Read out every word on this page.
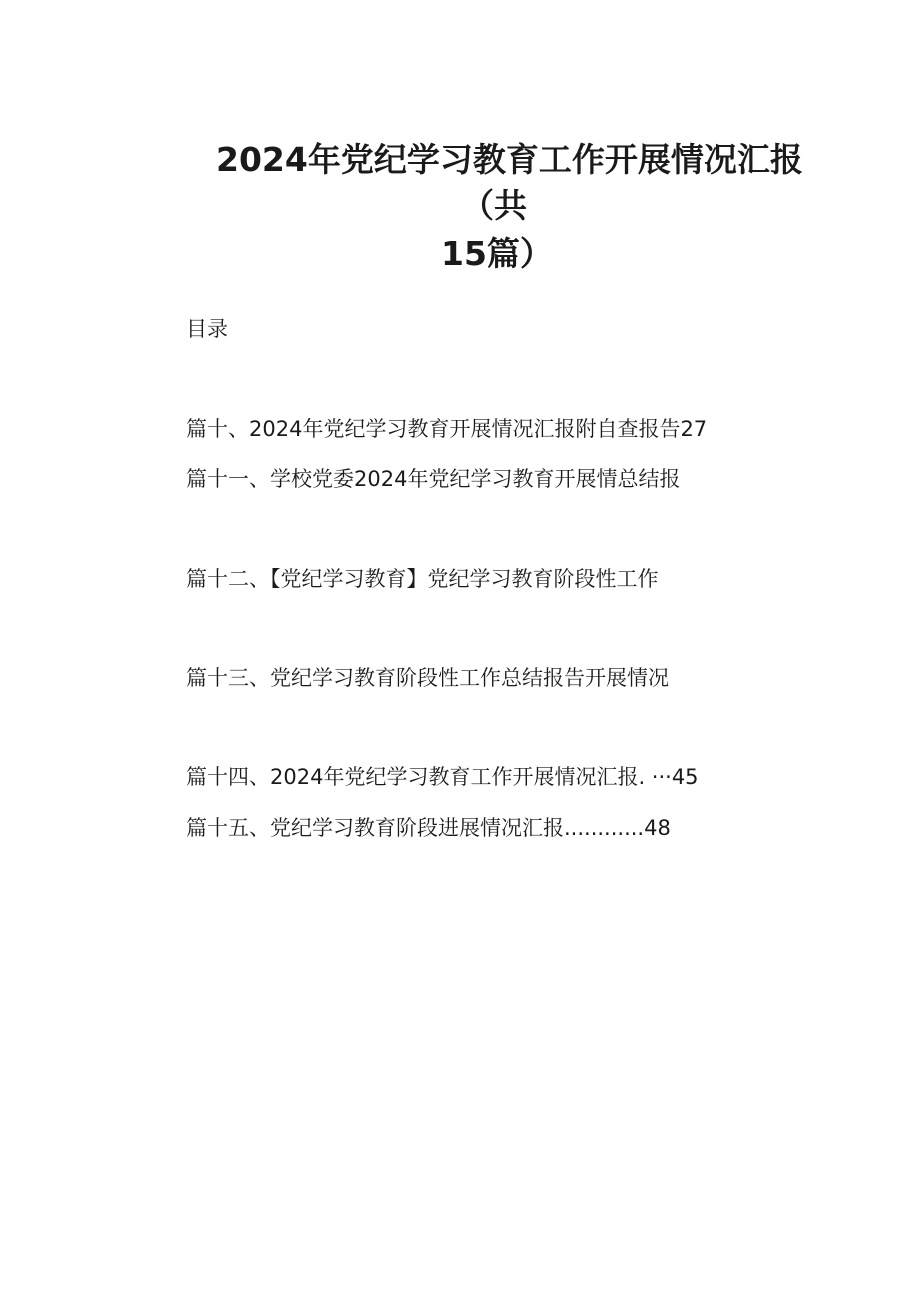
2024年党纪学习教育工作开展情况汇报
（共
15篇）
目录
篇十、2024年党纪学习教育开展情况汇报附自查报告27
篇十一、学校党委2024年党纪学习教育开展情总结报
篇十二、【党纪学习教育】党纪学习教育阶段性工作
篇十三、党纪学习教育阶段性工作总结报告开展情况
篇十四、2024年党纪学习教育工作开展情况汇报. ···45
篇十五、党纪学习教育阶段进展情况汇报............48
